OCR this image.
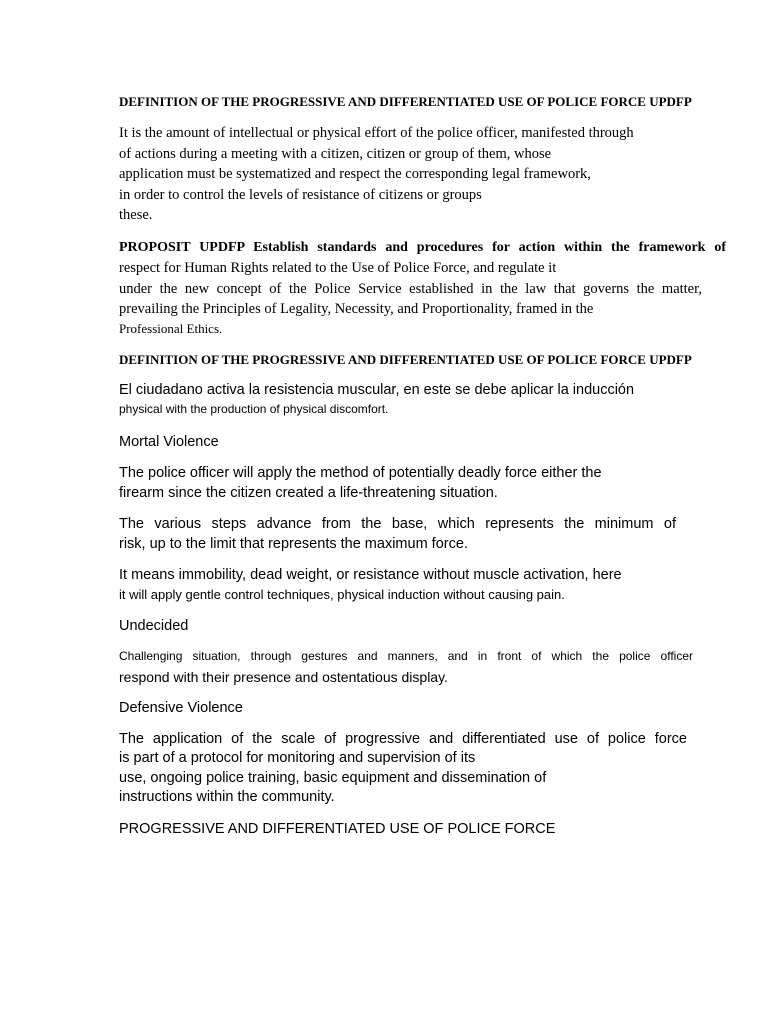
DEFINITION OF THE PROGRESSIVE AND DIFFERENTIATED USE OF POLICE FORCE UPDFP

It is the amount of intellectual or physical effort of the police officer, manifested through

of actions during a meeting with a citizen, citizen or group of them, whose

application must be systematized and respect the corresponding legal framework,

in order to control the levels of resistance of citizens or groups

these.

PROPOSIT UPDFP Establish standards and procedures for action within the framework of

respect for Human Rights related to the Use of Police Force, and regulate it

under the new concept of the Police Service established in the law that governs the matter,

prevailing the Principles of Legality, Necessity, and Proportionality, framed in the

Professional Ethics.

DEFINITION OF THE PROGRESSIVE AND DIFFERENTIATED USE OF POLICE FORCE UPDFP

El ciudadano activa la resistencia muscular, en este se debe aplicar la inducción

physical with the production of physical discomfort.

Mortal Violence

The police officer will apply the method of potentially deadly force either the

firearm since the citizen created a life-threatening situation.

The various steps advance from the base, which represents the minimum of

risk, up to the limit that represents the maximum force.

It means immobility, dead weight, or resistance without muscle activation, here

it will apply gentle control techniques, physical induction without causing pain.

Undecided

Challenging situation, through gestures and manners, and in front of which the police officer

respond with their presence and ostentatious display.

Defensive Violence

The application of the scale of progressive and differentiated use of police force

is part of a protocol for monitoring and supervision of its

use, ongoing police training, basic equipment and dissemination of

instructions within the community.

PROGRESSIVE AND DIFFERENTIATED USE OF POLICE FORCE
